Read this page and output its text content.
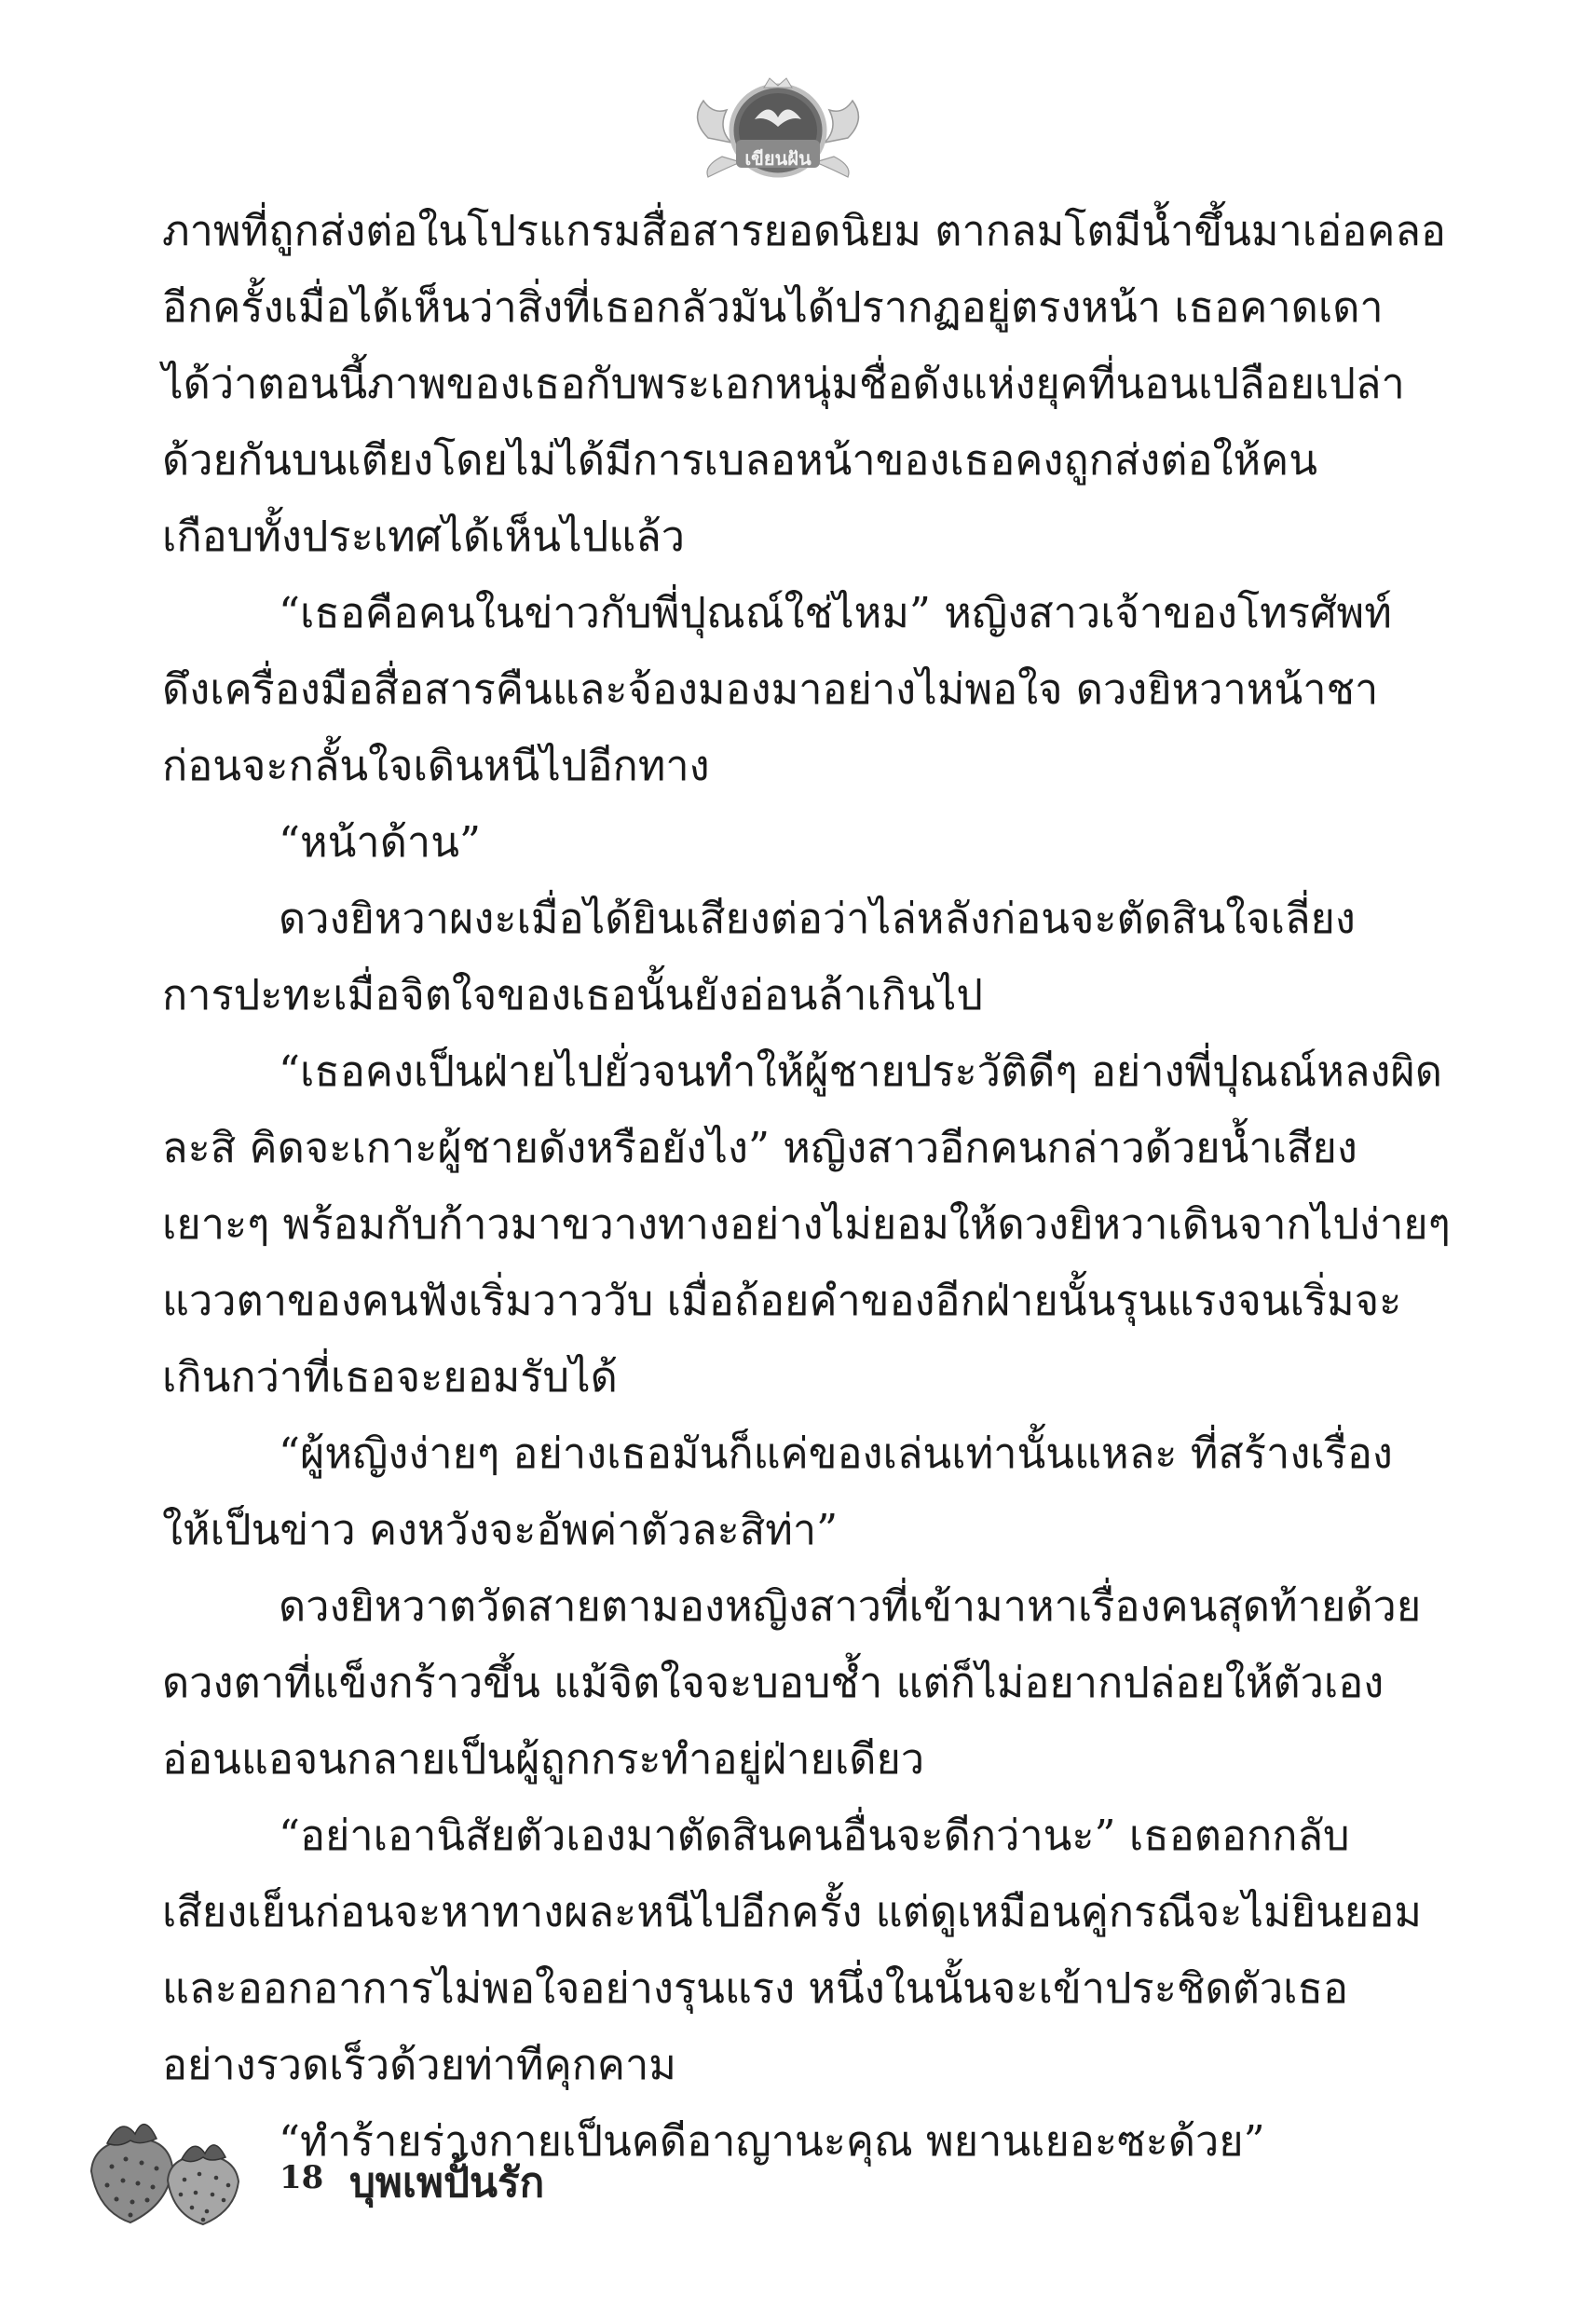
เขียนฝัน
ภาพที่ถูกส่งต่อในโปรแกรมสื่อสารยอดนิยม ตากลมโตมีน้ำขึ้นมาเอ่อคลอ
อีกครั้งเมื่อได้เห็นว่าสิ่งที่เธอกลัวมันได้ปรากฏอยู่ตรงหน้า เธอคาดเดา
ได้ว่าตอนนี้ภาพของเธอกับพระเอกหนุ่มชื่อดังแห่งยุคที่นอนเปลือยเปล่า
ด้วยกันบนเตียงโดยไม่ได้มีการเบลอหน้าของเธอคงถูกส่งต่อให้คน
เกือบทั้งประเทศได้เห็นไปแล้ว
“เธอคือคนในข่าวกับพี่ปุณณ์ใช่ไหม” หญิงสาวเจ้าของโทรศัพท์
ดึงเครื่องมือสื่อสารคืนและจ้องมองมาอย่างไม่พอใจ ดวงยิหวาหน้าชา
ก่อนจะกลั้นใจเดินหนีไปอีกทาง
“หน้าด้าน”
ดวงยิหวาผงะเมื่อได้ยินเสียงต่อว่าไล่หลังก่อนจะตัดสินใจเลี่ยง
การปะทะเมื่อจิตใจของเธอนั้นยังอ่อนล้าเกินไป
“เธอคงเป็นฝ่ายไปยั่วจนทำให้ผู้ชายประวัติดีๆ อย่างพี่ปุณณ์หลงผิด
ละสิ คิดจะเกาะผู้ชายดังหรือยังไง” หญิงสาวอีกคนกล่าวด้วยน้ำเสียง
เยาะๆ พร้อมกับก้าวมาขวางทางอย่างไม่ยอมให้ดวงยิหวาเดินจากไปง่ายๆ
แววตาของคนฟังเริ่มวาววับ เมื่อถ้อยคำของอีกฝ่ายนั้นรุนแรงจนเริ่มจะ
เกินกว่าที่เธอจะยอมรับได้
“ผู้หญิงง่ายๆ อย่างเธอมันก็แค่ของเล่นเท่านั้นแหละ ที่สร้างเรื่อง
ให้เป็นข่าว คงหวังจะอัพค่าตัวละสิท่า”
ดวงยิหวาตวัดสายตามองหญิงสาวที่เข้ามาหาเรื่องคนสุดท้ายด้วย
ดวงตาที่แข็งกร้าวขึ้น แม้จิตใจจะบอบช้ำ แต่ก็ไม่อยากปล่อยให้ตัวเอง
อ่อนแอจนกลายเป็นผู้ถูกกระทำอยู่ฝ่ายเดียว
“อย่าเอานิสัยตัวเองมาตัดสินคนอื่นจะดีกว่านะ” เธอตอกกลับ
เสียงเย็นก่อนจะหาทางผละหนีไปอีกครั้ง แต่ดูเหมือนคู่กรณีจะไม่ยินยอม
และออกอาการไม่พอใจอย่างรุนแรง หนึ่งในนั้นจะเข้าประชิดตัวเธอ
อย่างรวดเร็วด้วยท่าทีคุกคาม
“ทำร้ายร่างกายเป็นคดีอาญานะคุณ พยานเยอะซะด้วย”
18 บุพเพปั้นรัก
